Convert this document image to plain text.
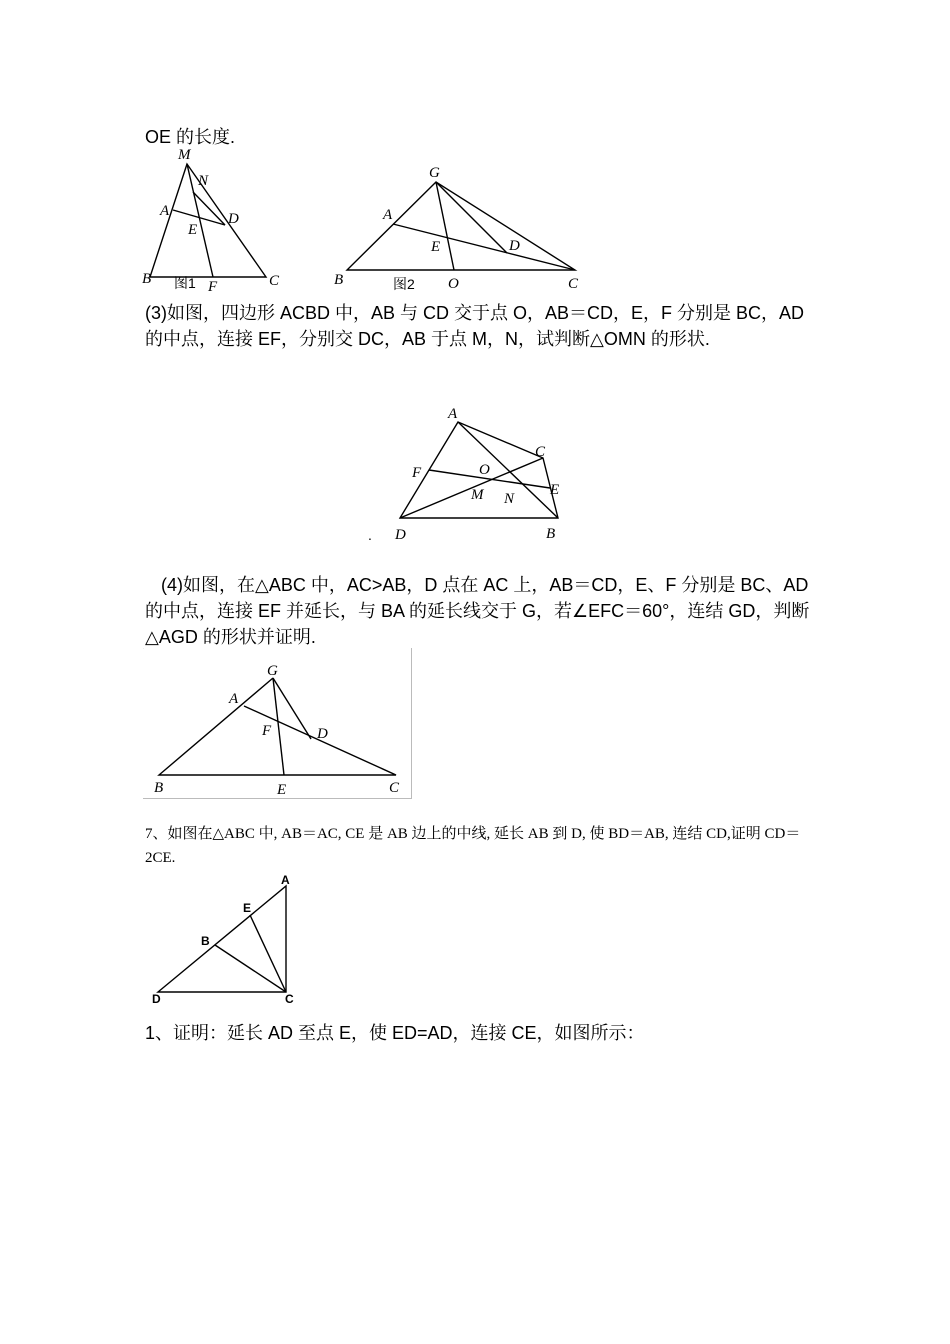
OE 的长度.

M
N
A	D
E
B	F	C
图1
G
A
E	D
B	O	C
图2

(3)如图，四边形 ACBD 中，AB 与 CD 交于点 O，AB＝CD，E，F 分别是 BC，AD 的中点，连接 EF，分别交 DC，AB 于点 M，N，试判断△OMN 的形状.

A
C
F	O
M N
E
D	B
.

(4)如图，在△ABC 中，AC>AB，D 点在 AC 上，AB＝CD，E、F 分别是 BC、AD 的中点，连接 EF 并延长，与 BA 的延长线交于 G，若∠EFC＝60°，连结 GD，判断△AGD 的形状并证明.

G
A
F	D
B	E	C

7、如图在△ABC 中, AB＝AC, CE 是 AB 边上的中线, 延长 AB 到 D, 使 BD＝AB, 连结 CD,证明 CD＝2CE.

A
E
B
D	C

1、证明：延长 AD 至点 E，使 ED=AD，连接 CE，如图所示：
